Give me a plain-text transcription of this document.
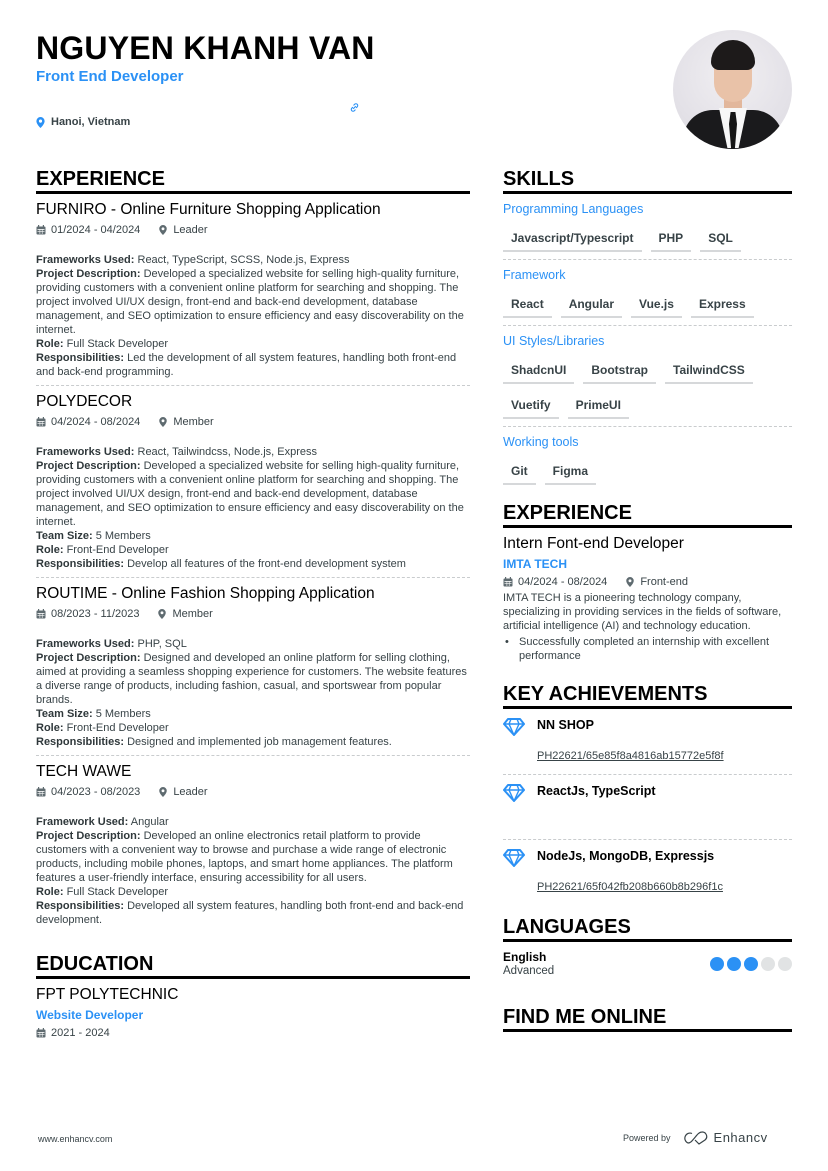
NGUYEN KHANH VAN
Front End Developer
Hanoi, Vietnam
EXPERIENCE
FURNIRO - Online Furniture Shopping Application
01/2024 - 04/2024	Leader
Frameworks Used: React, TypeScript, SCSS, Node.js, Express
Project Description: Developed a specialized website for selling high-quality furniture, providing customers with a convenient online platform for searching and shopping. The project involved UI/UX design, front-end and back-end development, database management, and SEO optimization to ensure efficiency and easy discoverability on the internet.
Role: Full Stack Developer
Responsibilities: Led the development of all system features, handling both front-end and back-end programming.
POLYDECOR
04/2024 - 08/2024	Member
Frameworks Used: React, Tailwindcss, Node.js, Express
Project Description: Developed a specialized website for selling high-quality furniture, providing customers with a convenient online platform for searching and shopping. The project involved UI/UX design, front-end and back-end development, database management, and SEO optimization to ensure efficiency and easy discoverability on the internet.
Team Size: 5 Members
Role: Front-End Developer
Responsibilities: Develop all features of the front-end development system
ROUTIME - Online Fashion Shopping Application
08/2023 - 11/2023	Member
Frameworks Used: PHP, SQL
Project Description: Designed and developed an online platform for selling clothing, aimed at providing a seamless shopping experience for customers. The website features a diverse range of products, including fashion, casual, and sportswear from popular brands.
Team Size: 5 Members
Role: Front-End Developer
Responsibilities: Designed and implemented job management features.
TECH WAWE
04/2023 - 08/2023	Leader
Framework Used: Angular
Project Description: Developed an online electronics retail platform to provide customers with a convenient way to browse and purchase a wide range of electronic products, including mobile phones, laptops, and smart home appliances. The platform features a user-friendly interface, ensuring accessibility for all users.
Role: Full Stack Developer
Responsibilities: Developed all system features, handling both front-end and back-end development.
EDUCATION
FPT POLYTECHNIC
Website Developer
2021 - 2024
SKILLS
Programming Languages
Javascript/Typescript	PHP	SQL
Framework
React	Angular	Vue.js	Express
UI Styles/Libraries
ShadcnUI	Bootstrap	TailwindCSS
Vuetify	PrimeUI
Working tools
Git	Figma
EXPERIENCE
Intern Font-end Developer
IMTA TECH
04/2024 - 08/2024	Front-end
IMTA TECH is a pioneering technology company, specializing in providing services in the fields of software, artificial intelligence (AI) and technology education.
• Successfully completed an internship with excellent performance
KEY ACHIEVEMENTS
NN SHOP
PH22621/65e85f8a4816ab15772e5f8f
ReactJs, TypeScript
NodeJs, MongoDB, Expressjs
PH22621/65f042fb208b660b8b296f1c
LANGUAGES
English
Advanced
FIND ME ONLINE
www.enhancv.com	Powered by	Enhancv
